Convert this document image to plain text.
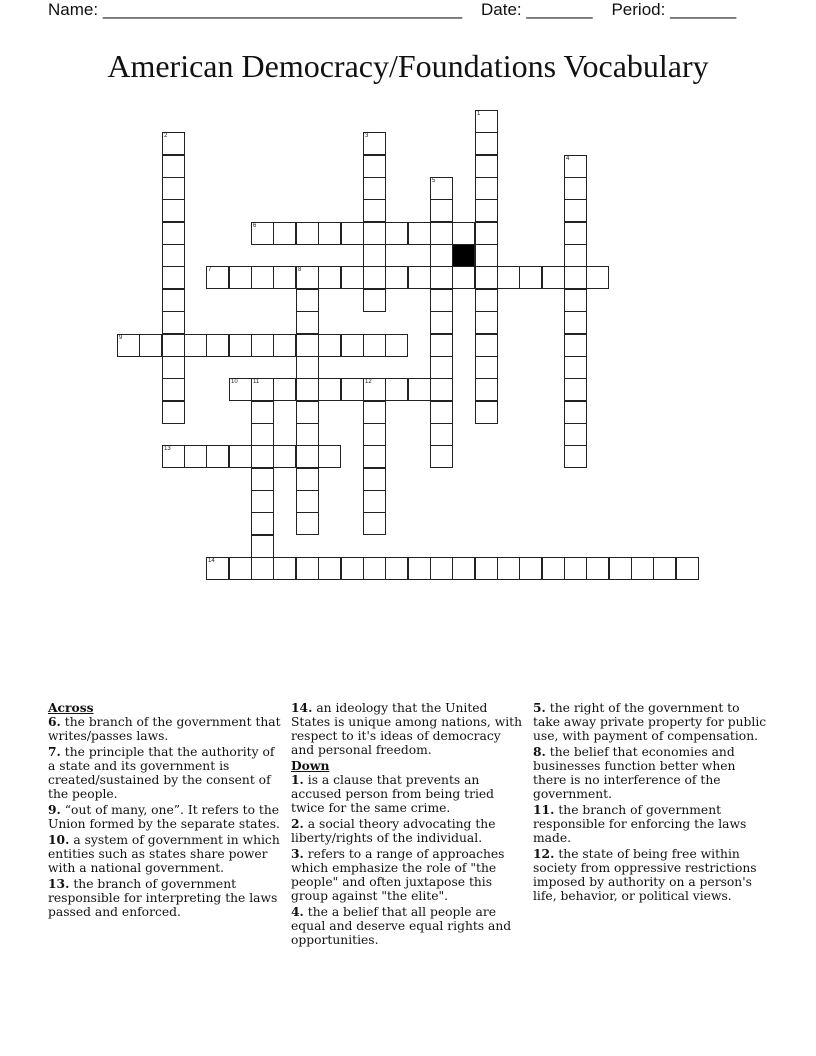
Name: ______________________________________ Date: _______ Period: _______
American Democracy/Foundations Vocabulary
1
2	3
4
5
6
7	8
9
10	11	12
13
14
Across
6. the branch of the government that writes/passes laws.
7. the principle that the authority of a state and its government is created/sustained by the consent of the people.
9. “out of many, one”. It refers to the Union formed by the separate states.
10. a system of government in which entities such as states share power with a national government.
13. the branch of government responsible for interpreting the laws passed and enforced.
14. an ideology that the United States is unique among nations, with respect to it's ideas of democracy and personal freedom.
Down
1. is a clause that prevents an accused person from being tried twice for the same crime.
2. a social theory advocating the liberty/rights of the individual.
3. refers to a range of approaches which emphasize the role of "the people" and often juxtapose this group against "the elite".
4. the a belief that all people are equal and deserve equal rights and opportunities.
5. the right of the government to take away private property for public use, with payment of compensation.
8. the belief that economies and businesses function better when there is no interference of the government.
11. the branch of government responsible for enforcing the laws made.
12. the state of being free within society from oppressive restrictions imposed by authority on a person's life, behavior, or political views.
